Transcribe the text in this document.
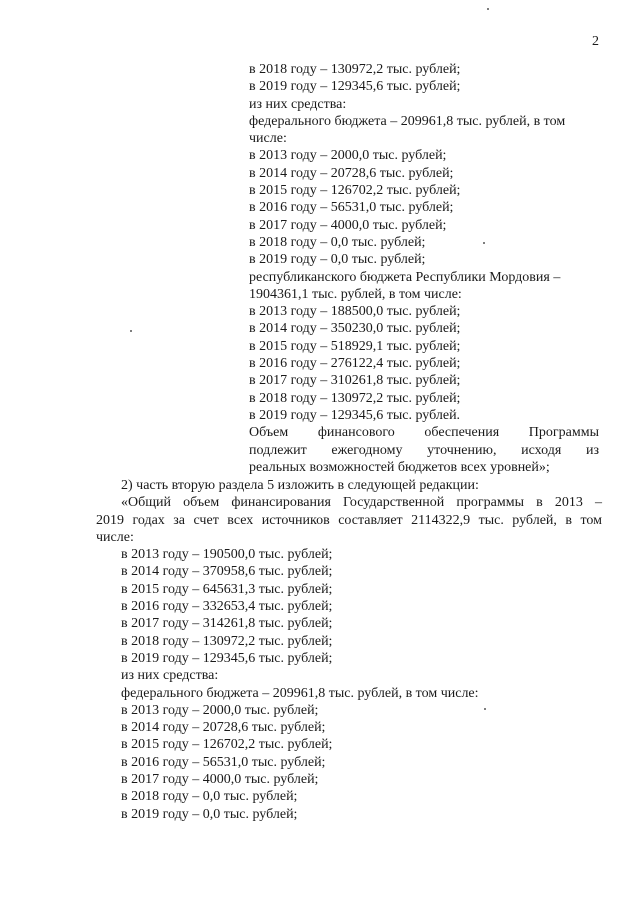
2
в 2018 году – 130972,2 тыс. рублей;
в 2019 году – 129345,6 тыс. рублей;
из них средства:
федерального бюджета – 209961,8 тыс. рублей, в том
числе:
в 2013 году – 2000,0 тыс. рублей;
в 2014 году – 20728,6 тыс. рублей;
в 2015 году – 126702,2 тыс. рублей;
в 2016 году – 56531,0 тыс. рублей;
в 2017 году – 4000,0 тыс. рублей;
в 2018 году – 0,0 тыс. рублей;
в 2019 году – 0,0 тыс. рублей;
республиканского бюджета Республики Мордовия –
1904361,1 тыс. рублей, в том числе:
в 2013 году – 188500,0 тыс. рублей;
в 2014 году – 350230,0 тыс. рублей;
в 2015 году – 518929,1 тыс. рублей;
в 2016 году – 276122,4 тыс. рублей;
в 2017 году – 310261,8 тыс. рублей;
в 2018 году – 130972,2 тыс. рублей;
в 2019 году – 129345,6 тыс. рублей.
Объем финансового обеспечения Программы
подлежит ежегодному уточнению, исходя из
реальных возможностей бюджетов всех уровней»;
2) часть вторую раздела 5 изложить в следующей редакции:
«Общий объем финансирования Государственной программы в 2013 –
2019 годах за счет всех источников составляет 2114322,9 тыс. рублей, в том
числе:
в 2013 году – 190500,0 тыс. рублей;
в 2014 году – 370958,6 тыс. рублей;
в 2015 году – 645631,3 тыс. рублей;
в 2016 году – 332653,4 тыс. рублей;
в 2017 году – 314261,8 тыс. рублей;
в 2018 году – 130972,2 тыс. рублей;
в 2019 году – 129345,6 тыс. рублей;
из них средства:
федерального бюджета – 209961,8 тыс. рублей, в том числе:
в 2013 году – 2000,0 тыс. рублей;
в 2014 году – 20728,6 тыс. рублей;
в 2015 году – 126702,2 тыс. рублей;
в 2016 году – 56531,0 тыс. рублей;
в 2017 году – 4000,0 тыс. рублей;
в 2018 году – 0,0 тыс. рублей;
в 2019 году – 0,0 тыс. рублей;
